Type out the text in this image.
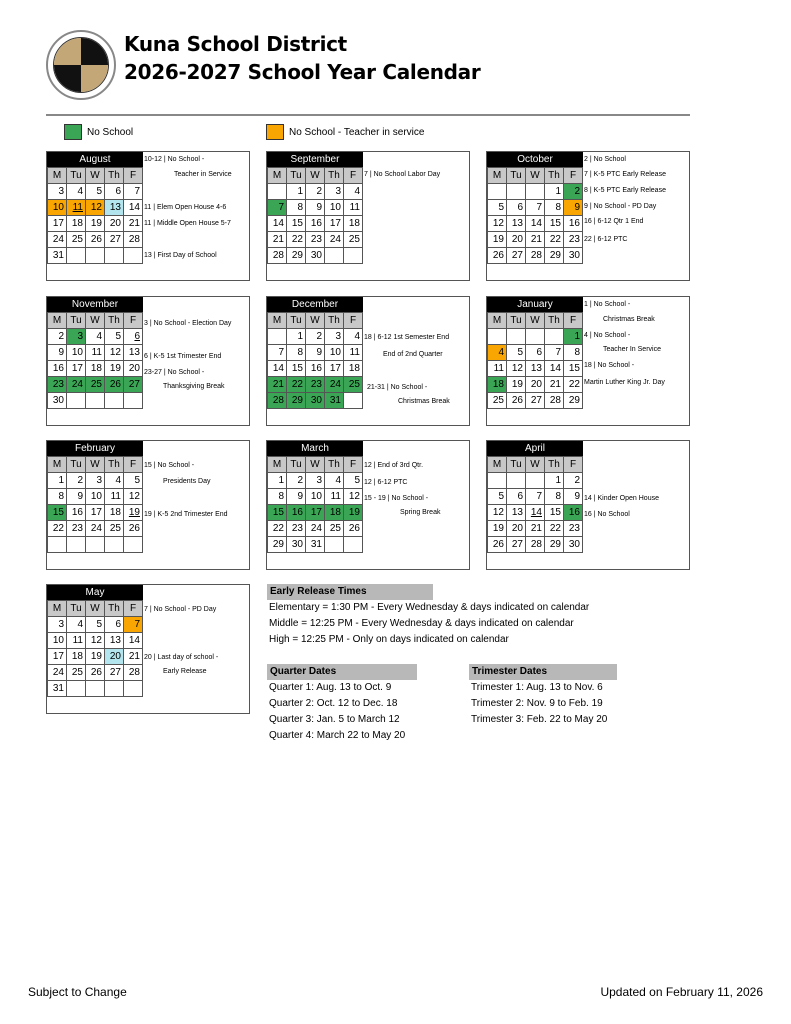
Kuna School District
2026-2027 School Year Calendar
No School	No School - Teacher in service
August
M	Tu	W	Th	F
3	4	5	6	7
10	11	12	13	14
17	18	19	20	21
24	25	26	27	28
31				
10-12 | No School -
Teacher in Service
11 | Elem Open House 4-6
11 | Middle Open House 5-7
13 | First Day of School
September
M	Tu	W	Th	F
	1	2	3	4
7	8	9	10	11
14	15	16	17	18
21	22	23	24	25
28	29	30		
7 | No School Labor Day
October
M	Tu	W	Th	F
			1	2
5	6	7	8	9
12	13	14	15	16
19	20	21	22	23
26	27	28	29	30
2 | No School
7 | K-5 PTC Early Release
8 | K-5 PTC Early Release
9 | No School - PD Day
16 | 6-12 Qtr 1 End
22 | 6-12 PTC
November
M	Tu	W	Th	F
2	3	4	5	6
9	10	11	12	13
16	17	18	19	20
23	24	25	26	27
30				
3 | No School - Election Day
6 | K-5 1st Trimester End
23-27 | No School -
Thanksgiving Break
December
M	Tu	W	Th	F
	1	2	3	4
7	8	9	10	11
14	15	16	17	18
21	22	23	24	25
28	29	30	31	
18 | 6-12 1st Semester End
End of 2nd Quarter
21-31 | No School -
Christmas Break
January
M	Tu	W	Th	F
				1
4	5	6	7	8
11	12	13	14	15
18	19	20	21	22
25	26	27	28	29
1 | No School -
Christmas Break
4 | No School -
Teacher In Service
18 | No School -
Martin Luther King Jr. Day
February
M	Tu	W	Th	F
1	2	3	4	5
8	9	10	11	12
15	16	17	18	19
22	23	24	25	26

15 | No School -
Presidents Day
19 | K-5 2nd Trimester End
March
M	Tu	W	Th	F
1	2	3	4	5
8	9	10	11	12
15	16	17	18	19
22	23	24	25	26
29	30	31		
12 | End of 3rd Qtr.
12 | 6-12 PTC
15 - 19 | No School -
Spring Break
April
M	Tu	W	Th	F
			1	2
5	6	7	8	9
12	13	14	15	16
19	20	21	22	23
26	27	28	29	30
14 | Kinder Open House
16 | No School
May
M	Tu	W	Th	F
3	4	5	6	7
10	11	12	13	14
17	18	19	20	21
24	25	26	27	28
31				
7 | No School - PD Day
20 | Last day of school -
Early Release
Early Release Times
Elementary = 1:30 PM - Every Wednesday & days indicated on calendar
Middle = 12:25 PM - Every Wednesday & days indicated on calendar
High = 12:25 PM - Only on days indicated on calendar
Quarter Dates
Quarter 1: Aug. 13 to Oct. 9
Quarter 2: Oct. 12 to Dec. 18
Quarter 3: Jan. 5 to March 12
Quarter 4: March 22 to May 20
Trimester Dates
Trimester 1: Aug. 13 to Nov. 6
Trimester 2: Nov. 9 to Feb. 19
Trimester 3: Feb. 22 to May 20
Subject to Change	Updated on February 11, 2026
